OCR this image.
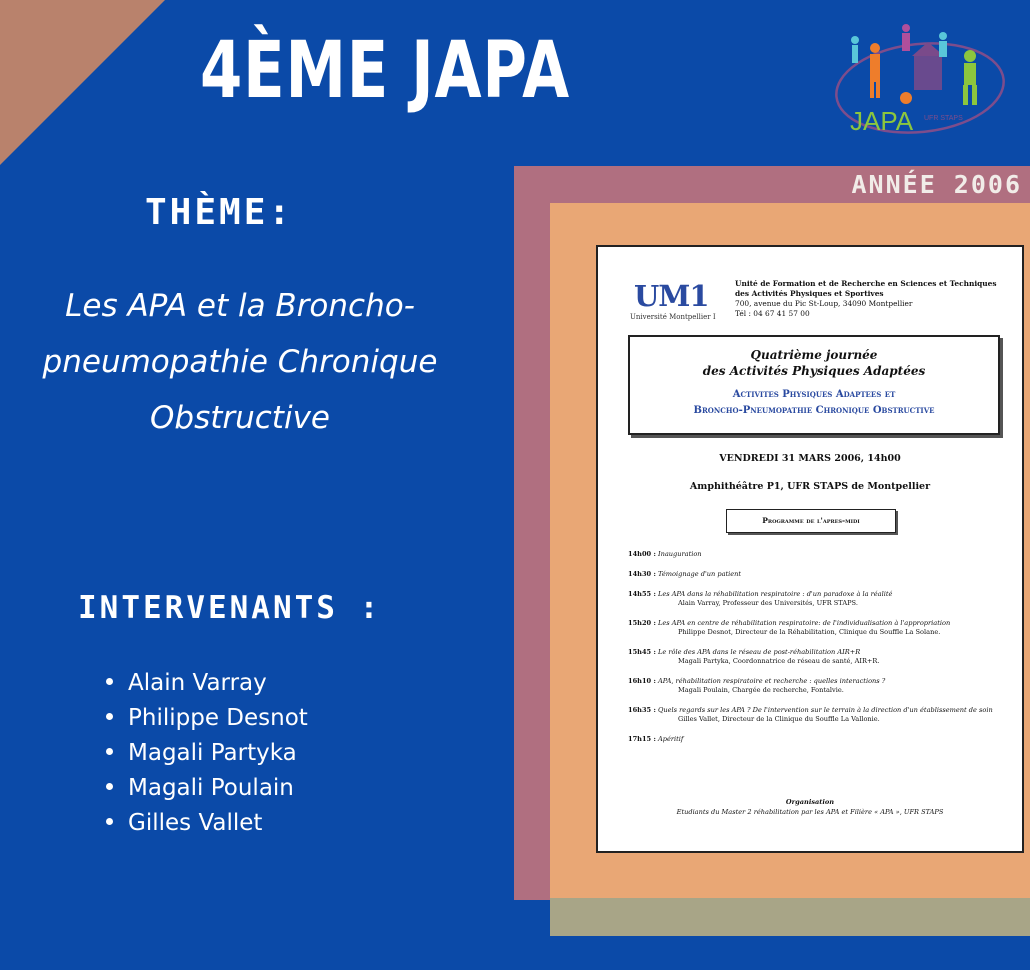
4ÈME JAPA
JAPA UFR STAPS
ANNÉE 2006
THÈME:
Les APA et la Broncho-pneumopathie Chronique Obstructive
INTERVENANTS :
Alain Varray
Philippe Desnot
Magali Partyka
Magali Poulain
Gilles Vallet
UM1
Université Montpellier I
Unité de Formation et de Recherche en Sciences et Techniques des Activités Physiques et Sportives
700, avenue du Pic St-Loup, 34090 Montpellier
Tél : 04 67 41 57 00
Quatrième journée
des Activités Physiques Adaptées
Activites Physiques Adaptees et
Broncho-Pneumopathie Chronique Obstructive
VENDREDI 31 MARS 2006, 14h00
Amphithéâtre P1, UFR STAPS de Montpellier
Programme de l'apres-midi
14h00 : Inauguration
14h30 : Témoignage d'un patient
14h55 : Les APA dans la réhabilitation respiratoire : d'un paradoxe à la réalité
Alain Varray, Professeur des Universités, UFR STAPS.
15h20 : Les APA en centre de réhabilitation respiratoire: de l'individualisation à l'appropriation
Philippe Desnot, Directeur de la Réhabilitation, Clinique du Souffle La Solane.
15h45 : Le rôle des APA dans le réseau de post-réhabilitation AIR+R
Magali Partyka, Coordonnatrice de réseau de santé, AIR+R.
16h10 : APA, réhabilitation respiratoire et recherche : quelles interactions ?
Magali Poulain, Chargée de recherche, Fontalvie.
16h35 : Quels regards sur les APA ? De l'intervention sur le terrain à la direction d'un établissement de soin
Gilles Vallet, Directeur de la Clinique du Souffle La Vallonie.
17h15 : Apéritif
Organisation
Etudiants du Master 2 réhabilitation par les APA et Filière « APA », UFR STAPS
